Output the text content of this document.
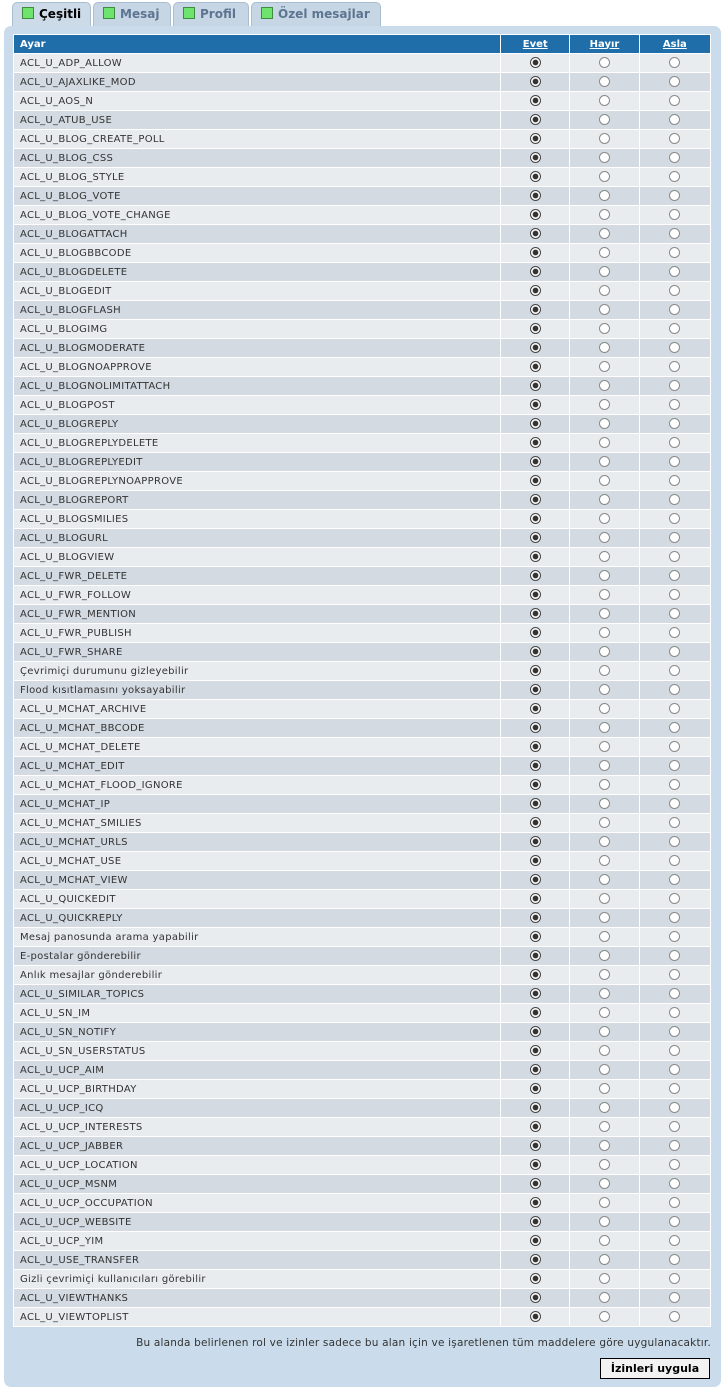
Çeşitli	Mesaj	Profil	Özel mesajlar
Ayar	Evet	Hayır	Asla
ACL_U_ADP_ALLOW			
ACL_U_AJAXLIKE_MOD			
ACL_U_AOS_N			
ACL_U_ATUB_USE			
ACL_U_BLOG_CREATE_POLL			
ACL_U_BLOG_CSS			
ACL_U_BLOG_STYLE			
ACL_U_BLOG_VOTE			
ACL_U_BLOG_VOTE_CHANGE			
ACL_U_BLOGATTACH			
ACL_U_BLOGBBCODE			
ACL_U_BLOGDELETE			
ACL_U_BLOGEDIT			
ACL_U_BLOGFLASH			
ACL_U_BLOGIMG			
ACL_U_BLOGMODERATE			
ACL_U_BLOGNOAPPROVE			
ACL_U_BLOGNOLIMITATTACH			
ACL_U_BLOGPOST			
ACL_U_BLOGREPLY			
ACL_U_BLOGREPLYDELETE			
ACL_U_BLOGREPLYEDIT			
ACL_U_BLOGREPLYNOAPPROVE			
ACL_U_BLOGREPORT			
ACL_U_BLOGSMILIES			
ACL_U_BLOGURL			
ACL_U_BLOGVIEW			
ACL_U_FWR_DELETE			
ACL_U_FWR_FOLLOW			
ACL_U_FWR_MENTION			
ACL_U_FWR_PUBLISH			
ACL_U_FWR_SHARE			
Çevrimiçi durumunu gizleyebilir			
Flood kısıtlamasını yoksayabilir			
ACL_U_MCHAT_ARCHIVE			
ACL_U_MCHAT_BBCODE			
ACL_U_MCHAT_DELETE			
ACL_U_MCHAT_EDIT			
ACL_U_MCHAT_FLOOD_IGNORE			
ACL_U_MCHAT_IP			
ACL_U_MCHAT_SMILIES			
ACL_U_MCHAT_URLS			
ACL_U_MCHAT_USE			
ACL_U_MCHAT_VIEW			
ACL_U_QUICKEDIT			
ACL_U_QUICKREPLY			
Mesaj panosunda arama yapabilir			
E-postalar gönderebilir			
Anlık mesajlar gönderebilir			
ACL_U_SIMILAR_TOPICS			
ACL_U_SN_IM			
ACL_U_SN_NOTIFY			
ACL_U_SN_USERSTATUS			
ACL_U_UCP_AIM			
ACL_U_UCP_BIRTHDAY			
ACL_U_UCP_ICQ			
ACL_U_UCP_INTERESTS			
ACL_U_UCP_JABBER			
ACL_U_UCP_LOCATION			
ACL_U_UCP_MSNM			
ACL_U_UCP_OCCUPATION			
ACL_U_UCP_WEBSITE			
ACL_U_UCP_YIM			
ACL_U_USE_TRANSFER			
Gizli çevrimiçi kullanıcıları görebilir			
ACL_U_VIEWTHANKS			
ACL_U_VIEWTOPLIST			
Bu alanda belirlenen rol ve izinler sadece bu alan için ve işaretlenen tüm maddelere göre uygulanacaktır.
İzinleri uygula
